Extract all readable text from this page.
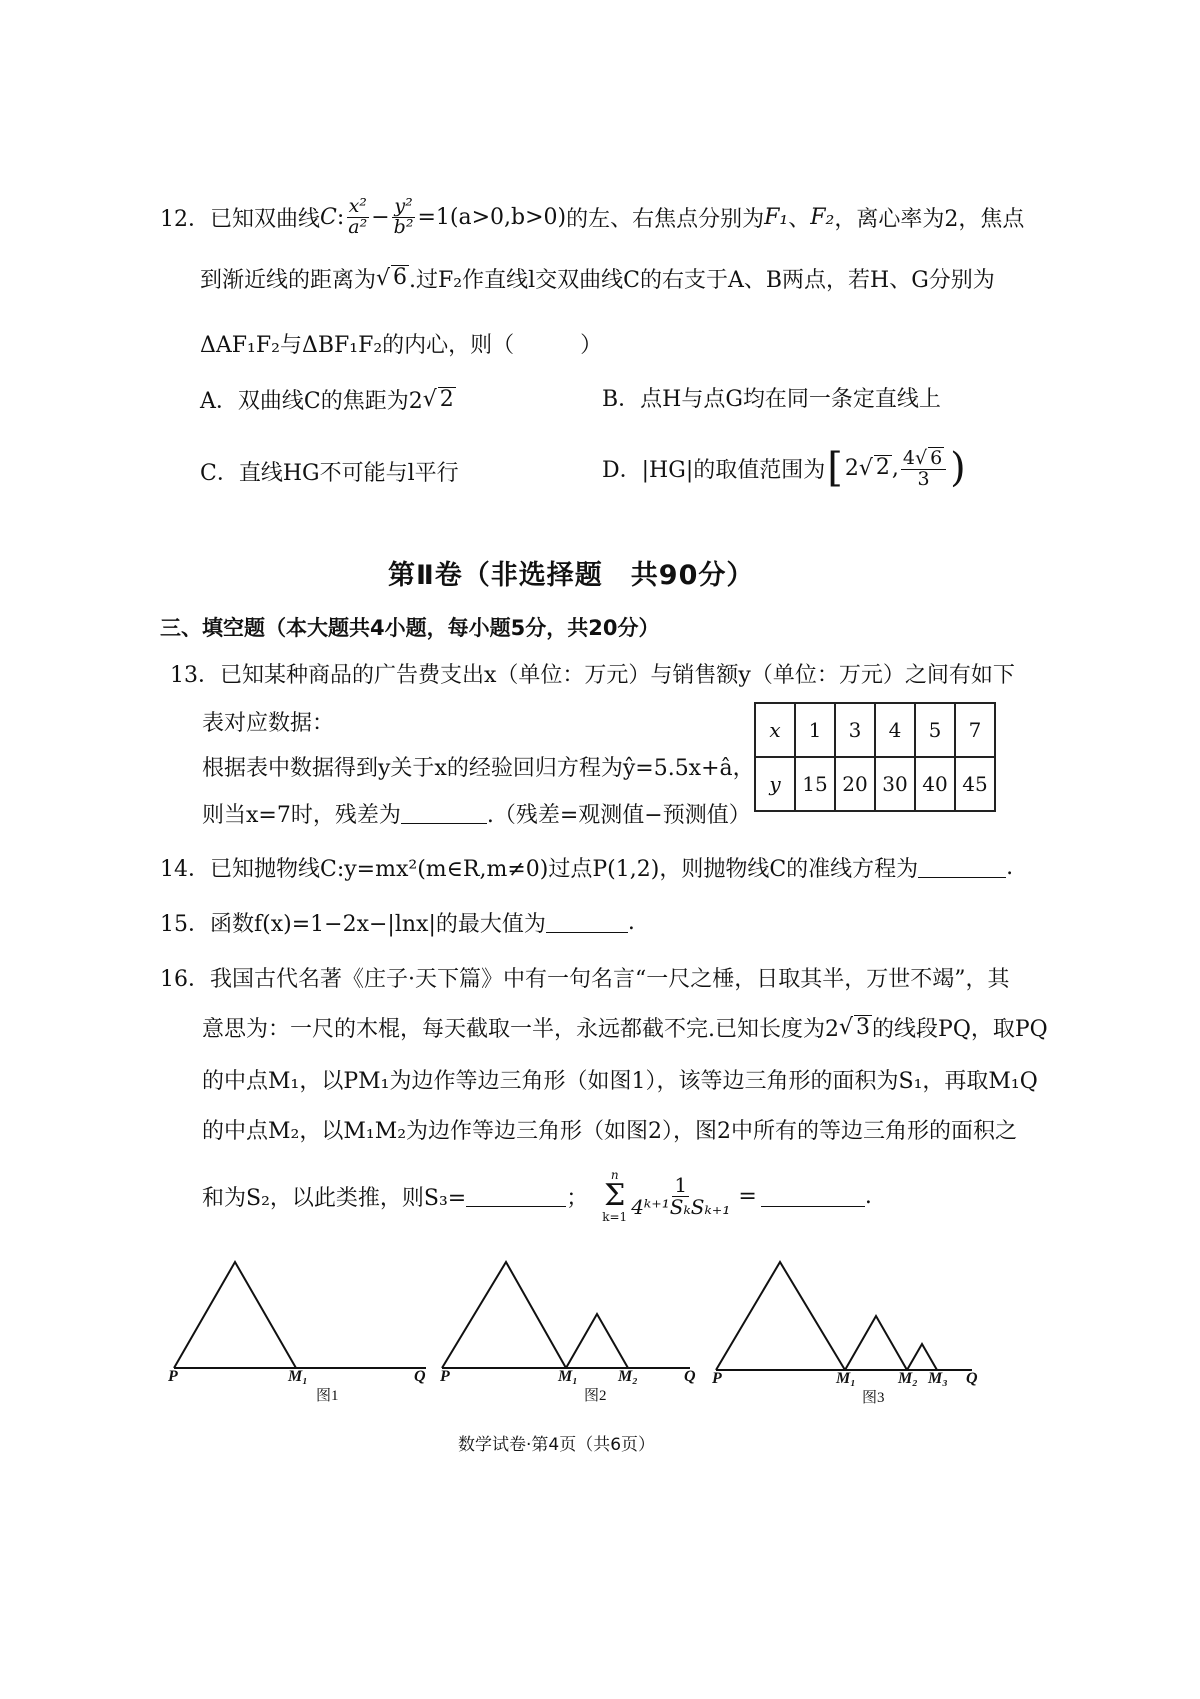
12． 已知双曲线 C : $\frac{\text{x²}}{\text{a²}} - \frac{\text{y²}}{\text{b²}} =1(a>0,b>0)$ 的左、右焦点分别为 F₁ 、 F₂ ，离心率为2，焦点
到渐近线的距离为 √ 6 .过F₂作直线l交双曲线C的右支于A、B两点，若H、G分别为
ΔAF₁F₂与ΔBF₁F₂的内心，则（　　　）
A． 双曲线C的焦距为2 √ 2	B． 点H与点G均在同一条定直线上
C． 直线HG不可能与l平行	D． |HG|的取值范围为 [ 2 √ 2 , $\frac{4√ 6}{3}$ )
第Ⅱ卷（非选择题　共90分）
三、填空题（本大题共4小题，每小题5分，共20分）
13． 已知某种商品的广告费支出x（单位：万元）与销售额y（单位：万元）之间有如下
表对应数据：
根据表中数据得到y关于x的经验回归方程为ŷ=5.5x+â，
则当x=7时，残差为	.（残差=观测值−预测值）
x	1	3	4	5	7
y	15	20	30	40	45
14． 已知抛物线C:y=mx²(m∈R,m≠0)过点P(1,2)，则抛物线C的准线方程为	.
15． 函数f(x)=1−2x−|lnx|的最大值为	.
16． 我国古代名著《庄子·天下篇》中有一句名言“一尺之棰，日取其半，万世不竭”，其
意思为：一尺的木棍，每天截取一半，永远都截不完.已知长度为2 √ 3 的线段PQ，取PQ
的中点M₁，以PM₁为边作等边三角形（如图1），该等边三角形的面积为S₁，再取M₁Q
的中点M₂，以M₁M₂为边作等边三角形（如图2），图2中所有的等边三角形的面积之
和为S₂，以此类推，则S₃=	；
n
Σ
$k=1 \frac{1}{\text{4ᵏ⁺¹SₖSₖ₊₁}}$ =	.
P	M₁	Q
图1
P	M₁	M₂	Q
图2
P	M₁	M₂ M₃ Q
图3
数学试卷·第4页（共6页）
